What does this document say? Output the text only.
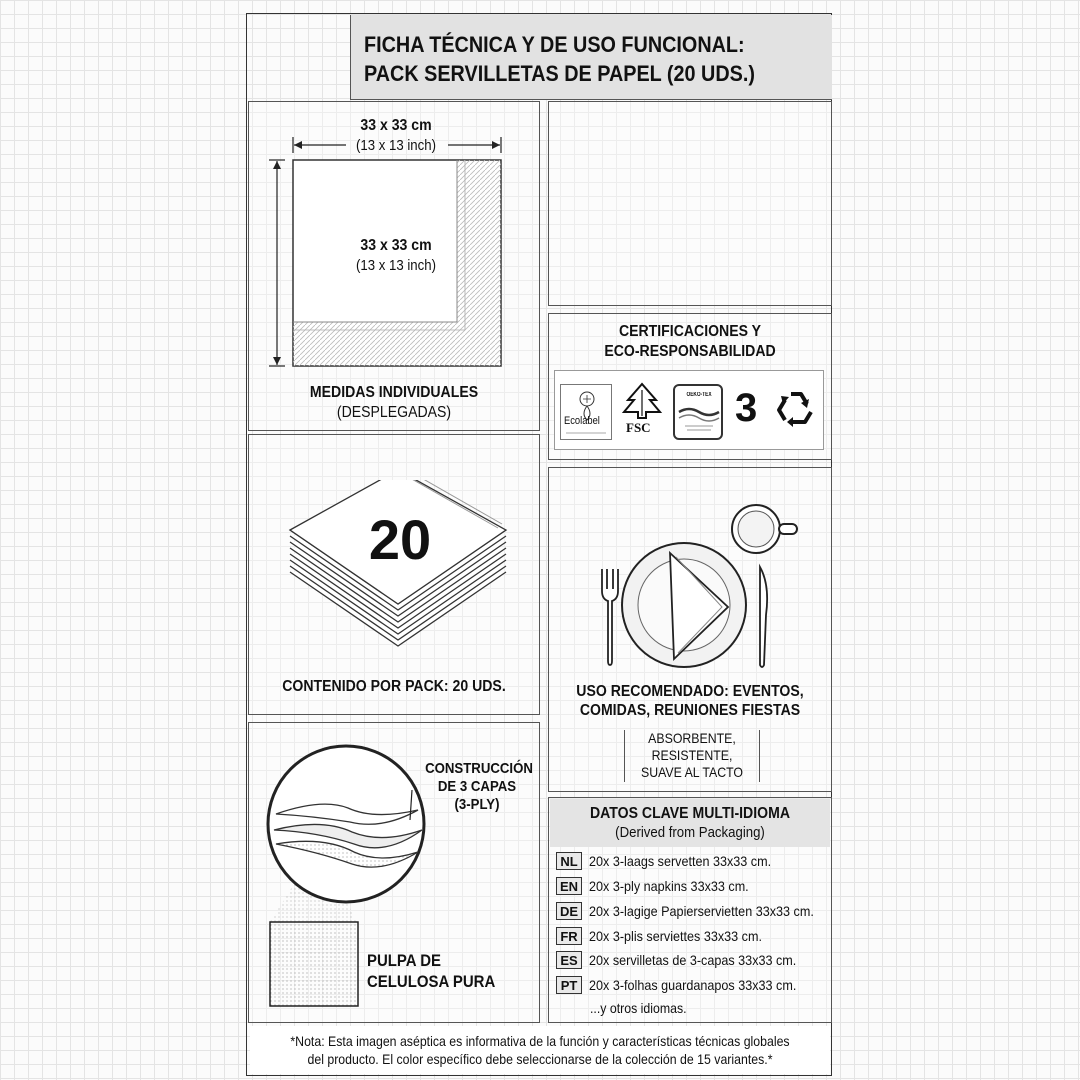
FICHA TÉCNICA Y DE USO FUNCIONAL:
PACK SERVILLETAS DE PAPEL (20 UDS.)
33 x 33 cm
(13 x 13 inch)
33 x 33 cm
(13 x 13 inch)
MEDIDAS INDIVIDUALES
(DESPLEGADAS)
CERTIFICACIONES Y
ECO-RESPONSABILIDAD
Ecolabel FSC
OEKO-TEX 3
20
CONTENIDO POR PACK: 20 UDS.	USO RECOMENDADO: EVENTOS,
COMIDAS, REUNIONES FIESTAS
ABSORBENTE,
RESISTENTE,
SUAVE AL TACTO
CONSTRUCCIÓN
DE 3 CAPAS
(3-PLY)
PULPA DE
CELULOSA PURA
DATOS CLAVE MULTI-IDIOMA
(Derived from Packaging)
NL 20x 3-laags servetten 33x33 cm.
EN 20x 3-ply napkins 33x33 cm.
DE 20x 3-lagige Papierservietten 33x33 cm.
FR 20x 3-plis serviettes 33x33 cm.
ES 20x servilletas de 3-capas 33x33 cm.
PT 20x 3-folhas guardanapos 33x33 cm.
...y otros idiomas.
*Nota: Esta imagen aséptica es informativa de la función y características técnicas globales
del producto. El color específico debe seleccionarse de la colección de 15 variantes.*
